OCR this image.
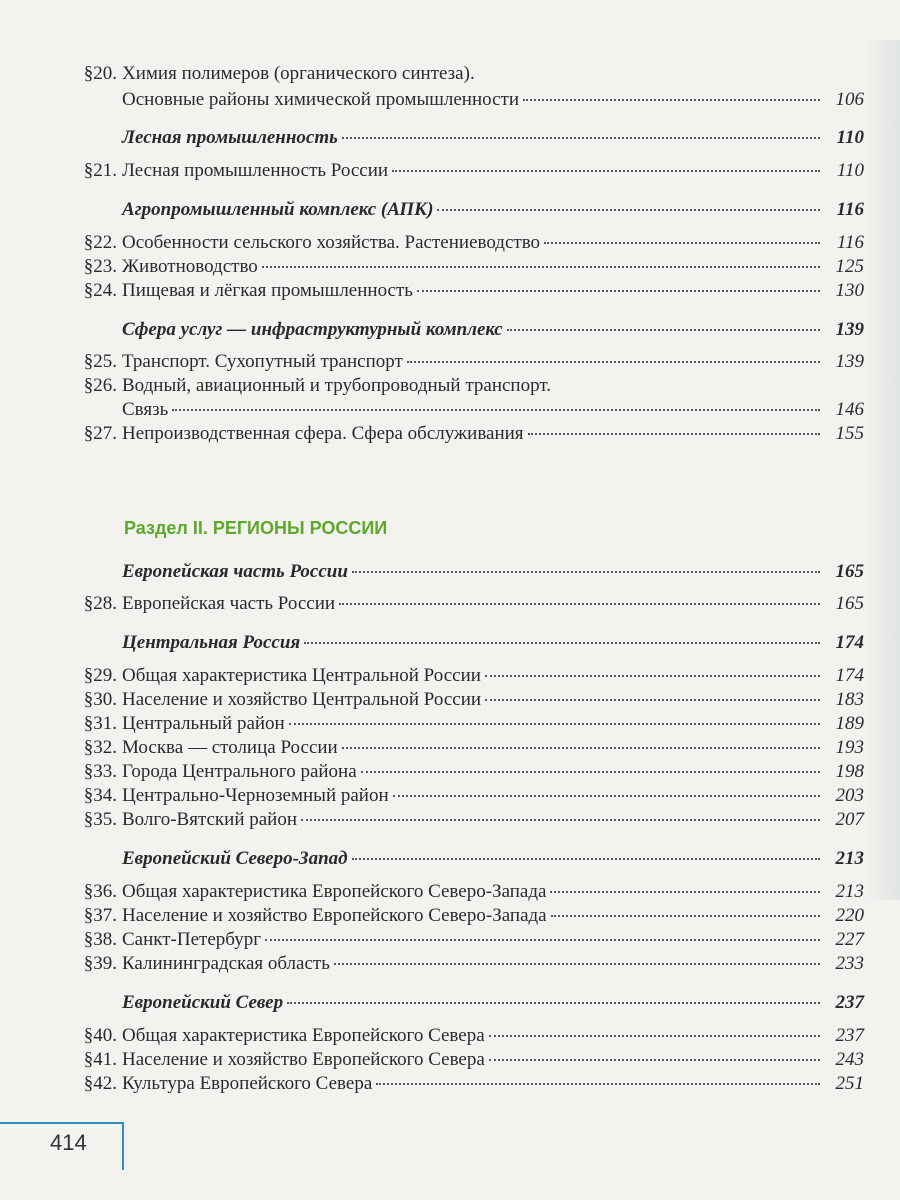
§20. Химия полимеров (органического синтеза).
Основные районы химической промышленности	106
Лесная промышленность	110
§21. Лесная промышленность России	110
Агропромышленный комплекс (АПК)	116
§22. Особенности сельского хозяйства. Растениеводство	116
§23. Животноводство	125
§24. Пищевая и лёгкая промышленность	130
Сфера услуг — инфраструктурный комплекс	139
§25. Транспорт. Сухопутный транспорт	139
§26. Водный, авиационный и трубопроводный транспорт.
Связь	146
§27. Непроизводственная сфера. Сфера обслуживания	155
Европейская часть России	165
§28. Европейская часть России	165
Центральная Россия	174
§29. Общая характеристика Центральной России	174
§30. Население и хозяйство Центральной России	183
§31. Центральный район	189
§32. Москва — столица России	193
§33. Города Центрального района	198
§34. Центрально-Черноземный район	203
§35. Волго-Вятский район	207
Европейский Северо-Запад	213
§36. Общая характеристика Европейского Северо-Запада	213
§37. Население и хозяйство Европейского Северо-Запада	220
§38. Санкт-Петербург	227
§39. Калининградская область	233
Европейский Север	237
§40. Общая характеристика Европейского Севера	237
§41. Население и хозяйство Европейского Севера	243
§42. Культура Европейского Севера	251
Раздел II. РЕГИОНЫ РОССИИ
414
